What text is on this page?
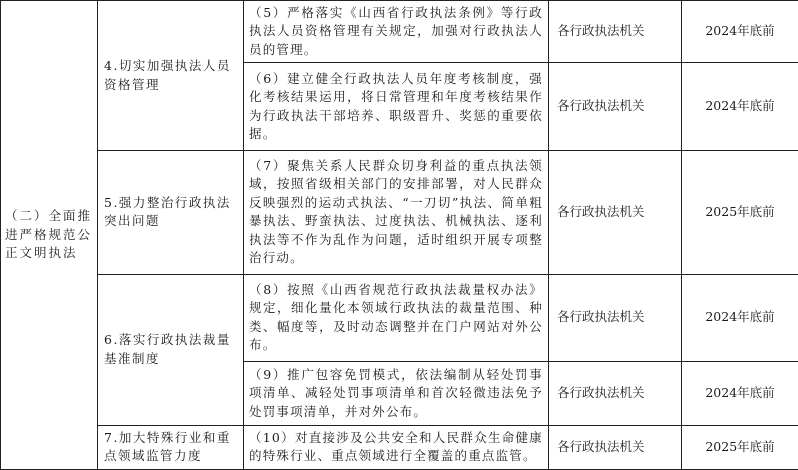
（二）全面推进严格规范公正文明执法	4.切实加强执法人员资格管理	（5）严格落实《山西省行政执法条例》等行政执法人员资格管理有关规定，加强对行政执法人员的管理。	各行政执法机关	2024年底前
		（6）建立健全行政执法人员年度考核制度，强化考核结果运用，将日常管理和年度考核结果作为行政执法干部培养、职级晋升、奖惩的重要依据。	各行政执法机关	2024年底前
	5.强力整治行政执法突出问题	（7）聚焦关系人民群众切身利益的重点执法领域，按照省级相关部门的安排部署，对人民群众反映强烈的运动式执法、“一刀切”执法、简单粗暴执法、野蛮执法、过度执法、机械执法、逐利执法等不作为乱作为问题，适时组织开展专项整治行动。	各行政执法机关	2025年底前
	6.落实行政执法裁量基准制度	（8）按照《山西省规范行政执法裁量权办法》规定，细化量化本领域行政执法的裁量范围、种类、幅度等，及时动态调整并在门户网站对外公布。	各行政执法机关	2024年底前
		（9）推广包容免罚模式，依法编制从轻处罚事项清单、减轻处罚事项清单和首次轻微违法免予处罚事项清单，并对外公布。	各行政执法机关	2024年底前
	7.加大特殊行业和重点领域监管力度	（10）对直接涉及公共安全和人民群众生命健康的特殊行业、重点领域进行全覆盖的重点监管。	各行政执法机关	2025年底前
